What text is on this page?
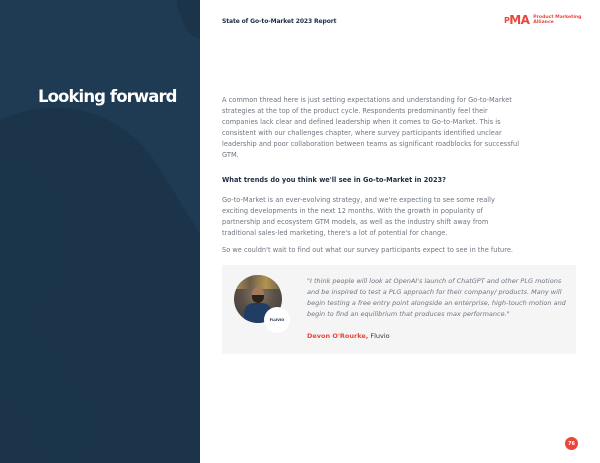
Looking forward
State of Go-to-Market 2023 Report	PMA Product Marketing
Alliance

A common thread here is just setting expectations and understanding for Go-to-Market strategies at the top of the product cycle. Respondents predominantly feel their companies lack clear and defined leadership when it comes to Go-to-Market. This is consistent with our challenges chapter, where survey participants identified unclear leadership and poor collaboration between teams as significant roadblocks for successful GTM.

What trends do you think we'll see in Go-to-Market in 2023?

Go-to-Market is an ever-evolving strategy, and we're expecting to see some really exciting developments in the next 12 months. With the growth in popularity of partnership and ecosystem GTM models, as well as the industry shift away from traditional sales-led marketing, there's a lot of potential for change.

So we couldn't wait to find out what our survey participants expect to see in the future.

FLUVIO

"I think people will look at OpenAI's launch of ChatGPT and other PLG motions and be inspired to test a PLG approach for their company/ products. Many will begin testing a free entry point alongside an enterprise, high-touch motion and begin to find an equilibrium that produces max performance."

Devon O'Rourke, Fluvio
76
